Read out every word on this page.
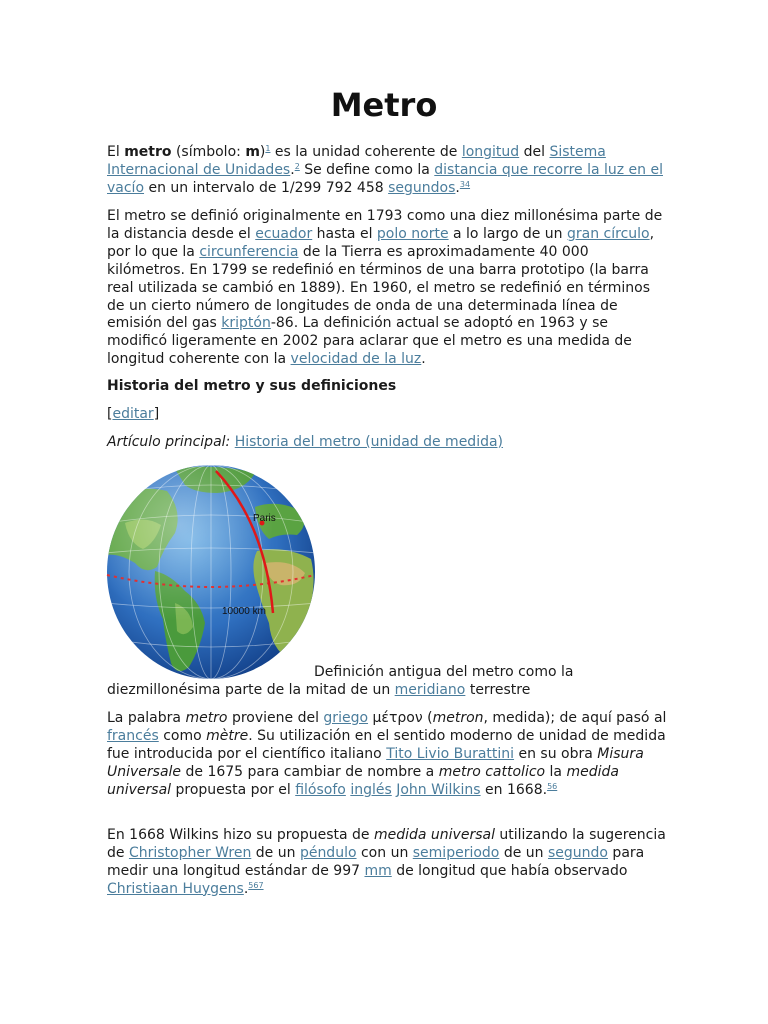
Metro

El metro (símbolo: m)$^1$ es la unidad coherente de longitud del Sistema Internacional de Unidades.$^2$ Se define como la distancia que recorre la luz en el vacío en un intervalo de 1/299 792 458 segundos.$^{34}$

El metro se definió originalmente en 1793 como una diez millonésima parte de la distancia desde el ecuador hasta el polo norte a lo largo de un gran círculo, por lo que la circunferencia de la Tierra es aproximadamente 40 000 kilómetros. En 1799 se redefinió en términos de una barra prototipo (la barra real utilizada se cambió en 1889). En 1960, el metro se redefinió en términos de un cierto número de longitudes de onda de una determinada línea de emisión del gas kriptón-86. La definición actual se adoptó en 1963 y se modificó ligeramente en 2002 para aclarar que el metro es una medida de longitud coherente con la velocidad de la luz.

Historia del metro y sus definiciones
[editar]
Artículo principal: Historia del metro (unidad de medida)
Paris
10000 km

Definición antigua del metro como la diezmillonésima parte de la mitad de un meridiano terrestre

La palabra metro proviene del griego μέτρον (metron, medida); de aquí pasó al francés como mètre. Su utilización en el sentido moderno de unidad de medida fue introducida por el científico italiano Tito Livio Burattini en su obra Misura Universale de 1675 para cambiar de nombre a metro cattolico la medida universal propuesta por el filósofo inglés John Wilkins en 1668.56

En 1668 Wilkins hizo su propuesta de medida universal utilizando la sugerencia de Christopher Wren de un péndulo con un semiperiodo de un segundo para medir una longitud estándar de 997 mm de longitud que había observado Christiaan Huygens.$^{567}$
